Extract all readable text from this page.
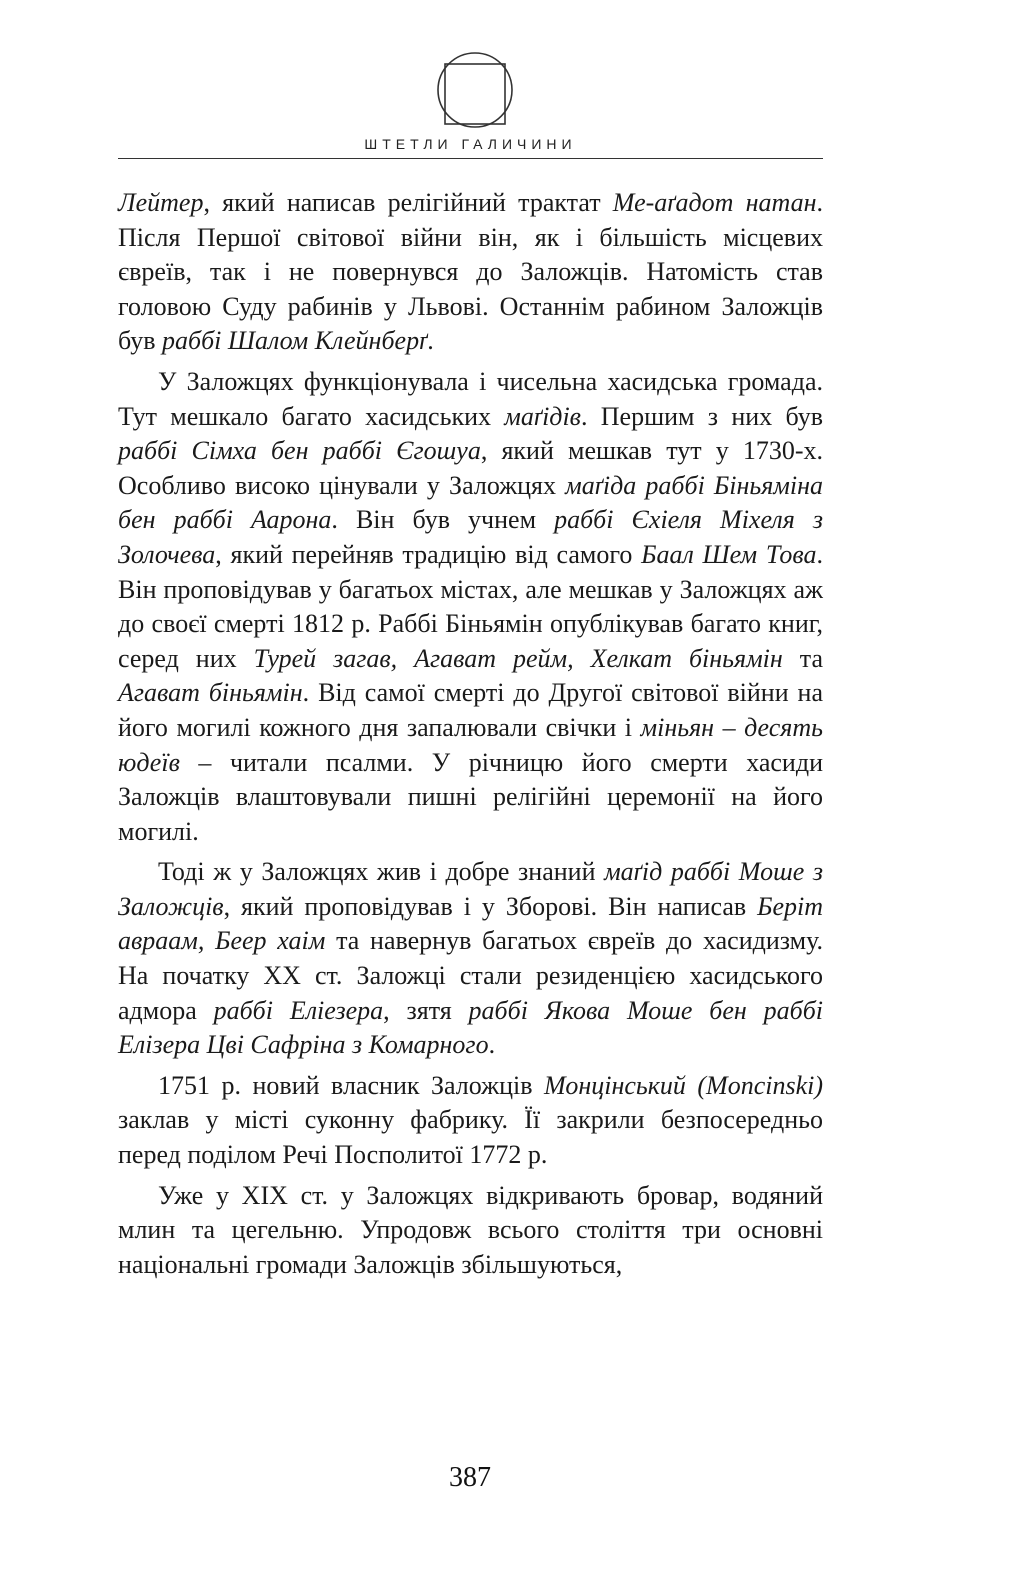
ШТЕТЛИ ГАЛИЧИНИ

Лейтер, який написав релігійний трактат Ме-аґадот натан. Після Першої світової війни він, як і більшість місцевих євреїв, так і не повернувся до Заложців. Натомість став головою Суду рабинів у Львові. Останнім рабином Заложців був раббі Шалом Клейнберґ.

У Заложцях функціонувала і чисельна хасидська громада. Тут мешкало багато хасидських маґідів. Першим з них був раббі Сімха бен раббі Єгошуа, який мешкав тут у 1730-х. Особливо високо цінували у Заложцях маґіда раббі Біньяміна бен раббі Аарона. Він був учнем раббі Єхіеля Міхеля з Золочева, який перейняв традицію від самого Баал Шем Това. Він проповідував у багатьох містах, але мешкав у Заложцях аж до своєї смерті 1812 р. Раббі Біньямін опублікував багато книг, серед них Турей загав, Агават рейм, Хелкат біньямін та Агават біньямін. Від самої смерті до Другої світової війни на його могилі кожного дня запалювали свічки і міньян – десять юдеїв – читали псалми. У річницю його смерти хасиди Заложців влаштовували пишні релігійні церемонії на його могилі.

Тоді ж у Заложцях жив і добре знаний маґід раббі Моше з Заложців, який проповідував і у Зборові. Він написав Беріт авраам, Беер хаім та навернув багатьох євреїв до хасидизму. На початку ХХ ст. Заложці стали резиденцією хасидського адмора раббі Еліезера, зятя раббі Якова Моше бен раббі Елізера Цві Сафріна з Комарного.

1751 р. новий власник Заложців Монцінський (Moncinski) заклав у місті суконну фабрику. Її закрили безпосередньо перед поділом Речі Посполитої 1772 р.

Уже у ХІХ ст. у Заложцях відкривають бровар, водяний млин та цегельню. Упродовж всього століття три основні національні громади Заложців збільшуються,

387
